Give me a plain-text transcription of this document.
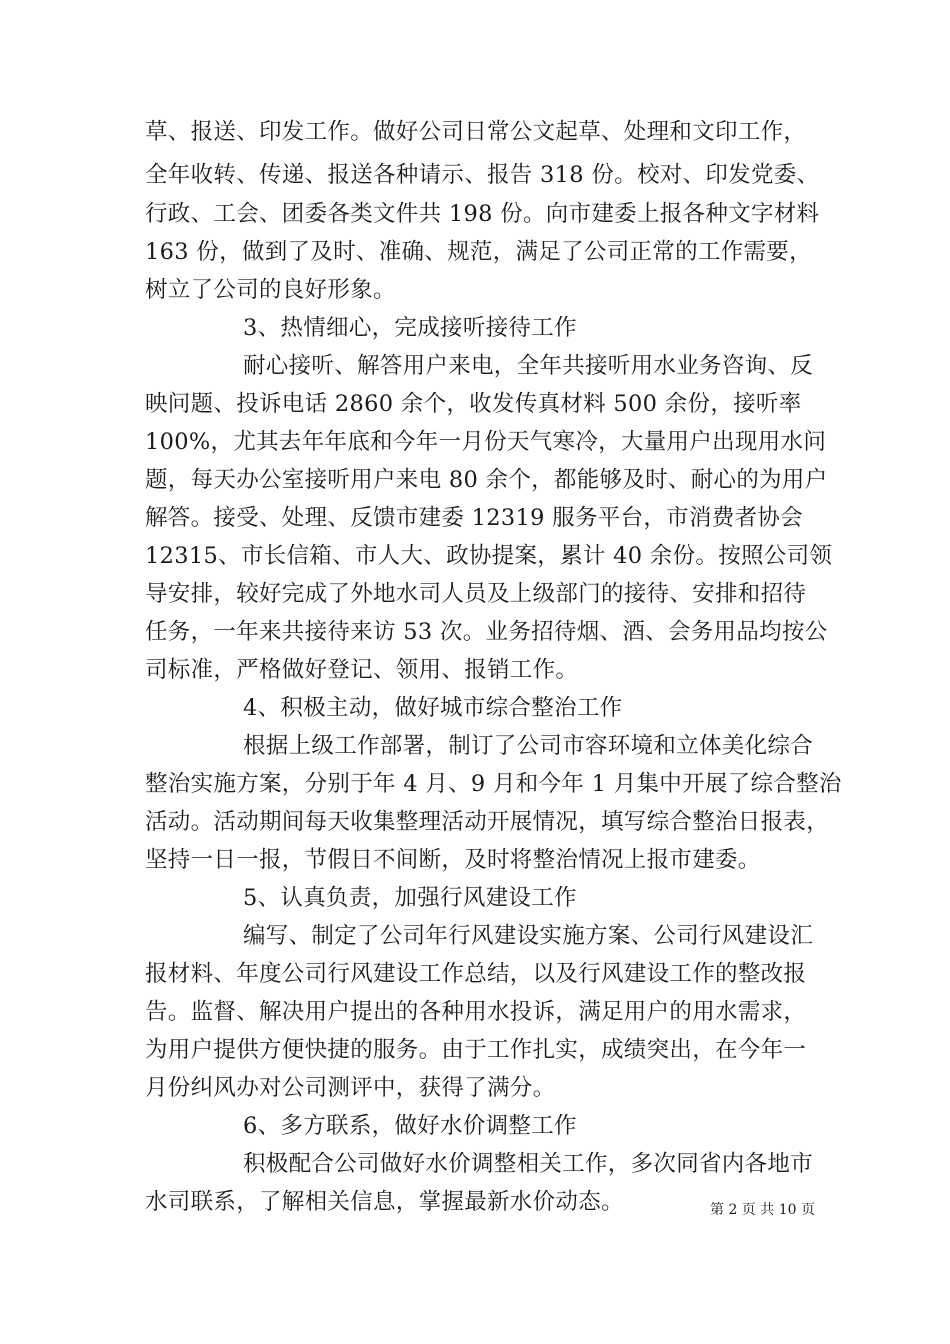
草、报送、印发工作。做好公司日常公文起草、处理和文印工作，
全年收转、传递、报送各种请示、报告 318 份。校对、印发党委、
行政、工会、团委各类文件共 198 份。向市建委上报各种文字材料
163 份，做到了及时、准确、规范，满足了公司正常的工作需要，
树立了公司的良好形象。
3、热情细心，完成接听接待工作
耐心接听、解答用户来电，全年共接听用水业务咨询、反
映问题、投诉电话 2860 余个，收发传真材料 500 余份，接听率
100%，尤其去年年底和今年一月份天气寒冷，大量用户出现用水问
题，每天办公室接听用户来电 80 余个，都能够及时、耐心的为用户
解答。接受、处理、反馈市建委 12319 服务平台，市消费者协会
12315、市长信箱、市人大、政协提案，累计 40 余份。按照公司领
导安排，较好完成了外地水司人员及上级部门的接待、安排和招待
任务，一年来共接待来访 53 次。业务招待烟、酒、会务用品均按公
司标准，严格做好登记、领用、报销工作。
4、积极主动，做好城市综合整治工作
根据上级工作部署，制订了公司市容环境和立体美化综合
整治实施方案，分别于年 4 月、9 月和今年 1 月集中开展了综合整治
活动。活动期间每天收集整理活动开展情况，填写综合整治日报表，
坚持一日一报，节假日不间断，及时将整治情况上报市建委。
5、认真负责，加强行风建设工作
编写、制定了公司年行风建设实施方案、公司行风建设汇
报材料、年度公司行风建设工作总结，以及行风建设工作的整改报
告。监督、解决用户提出的各种用水投诉，满足用户的用水需求，
为用户提供方便快捷的服务。由于工作扎实，成绩突出，在今年一
月份纠风办对公司测评中，获得了满分。
6、多方联系，做好水价调整工作
积极配合公司做好水价调整相关工作，多次同省内各地市
水司联系，了解相关信息，掌握最新水价动态。	第 2 页 共 10 页
